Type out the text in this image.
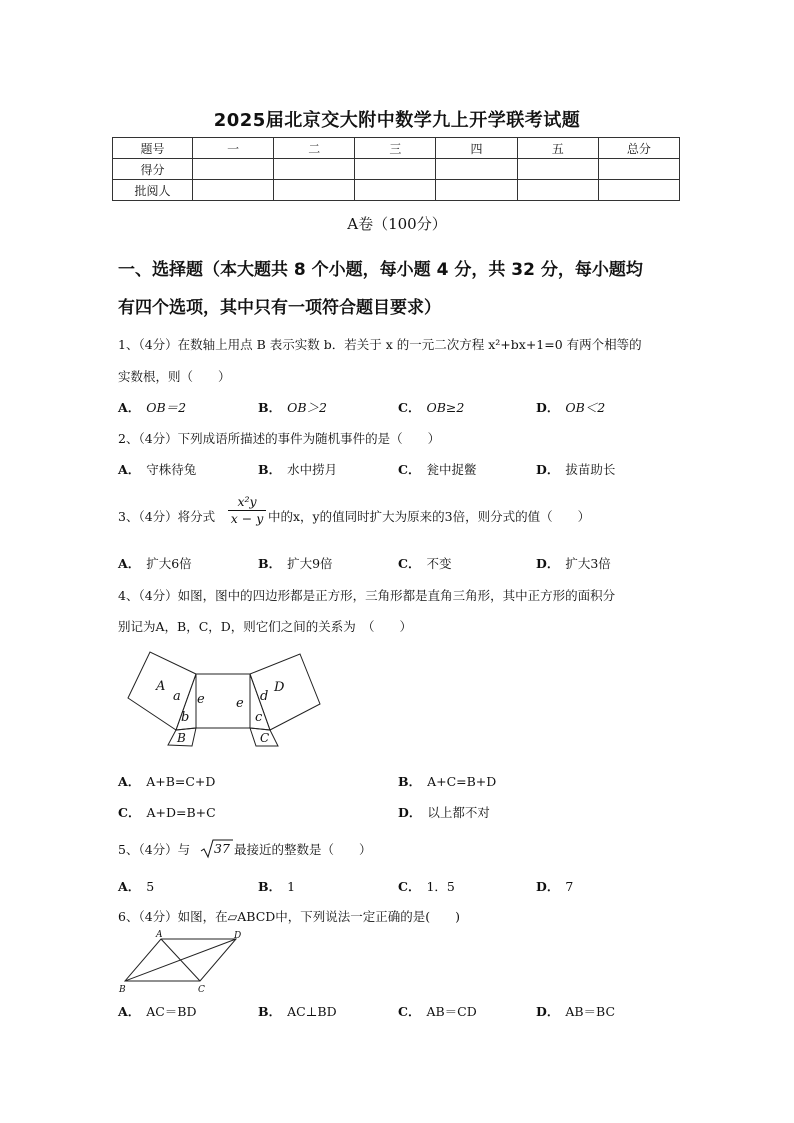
2025届北京交大附中数学九上开学联考试题
题号	一	二	三	四	五	总分
得分						
批阅人						
A卷（100分）
一、选择题（本大题共 8 个小题，每小题 4 分，共 32 分，每小题均
有四个选项，其中只有一项符合题目要求）
1、（4分）在数轴上用点 B 表示实数 b．若关于 x 的一元二次方程 x²+bx+1=0 有两个相等的
实数根，则（　　）
A． OB＝2	B． OB＞2	C． OB≥2	D． OB＜2
2、（4分）下列成语所描述的事件为随机事件的是（　　）
A． 守株待兔	B． 水中捞月	C． 瓮中捉鳖	D． 拔苗助长
3、（4分）将分式 $\frac{\text{x²y}}{x - y}$ 中的x，y的值同时扩大为原来的3倍，则分式的值（　　）
A． 扩大6倍	B． 扩大9倍	C． 不变	D． 扩大3倍
4、（4分）如图，图中的四边形都是正方形，三角形都是直角三角形，其中正方形的面积分
别记为A，B，C，D，则它们之间的关系为　（　　）
A
a
b
B
e e d
D
c
C
A． A+B=C+D	B． A+C=B+D
C． A+D=B+C	D． 以上都不对
5、（4分）与 37 最接近的整数是（　　）
A． 5	B． 1	C． 1．5	D． 7
6、（4分）如图，在▱ABCD中，下列说法一定正确的是(　　)
A	D
B	C
A． AC＝BD	B． AC⊥BD	C． AB＝CD	D． AB＝BC
